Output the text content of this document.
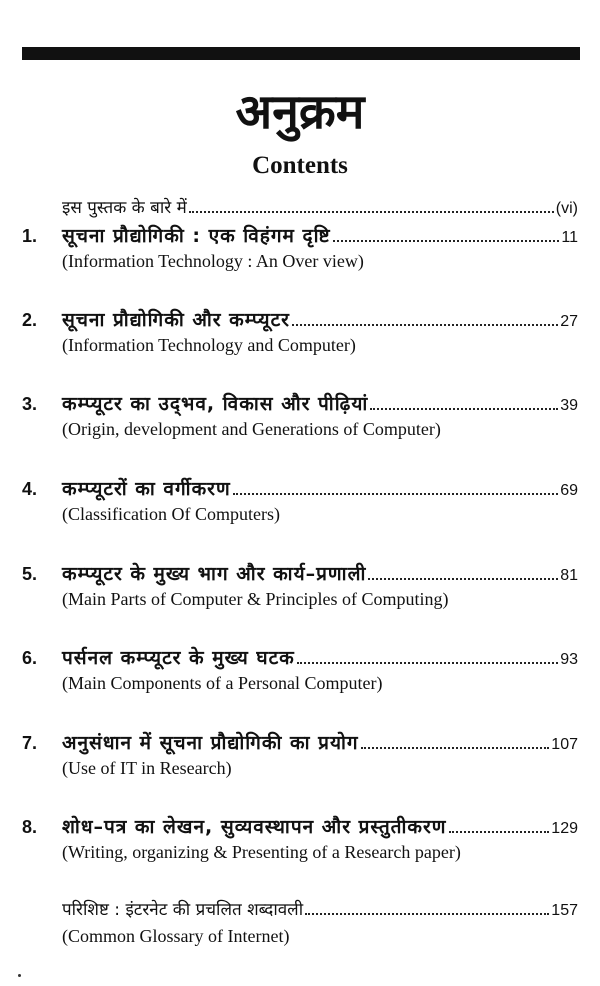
अनुक्रम
Contents
इस पुस्तक के बारे में	(vi)
1.	सूचना प्रौद्योगिकी : एक विहंगम दृष्टि	11
(Information Technology : An Over view)
2.	सूचना प्रौद्योगिकी और कम्प्यूटर	27
(Information Technology and Computer)
3.	कम्प्यूटर का उद्‌भव, विकास और पीढ़ियां	39
(Origin, development and Generations of Computer)
4.	कम्प्यूटरों का वर्गीकरण	69
(Classification Of Computers)
5.	कम्प्यूटर के मुख्य भाग और कार्य–प्रणाली	81
(Main Parts of Computer & Principles of Computing)
6.	पर्सनल कम्प्यूटर के मुख्य घटक	93
(Main Components of a Personal Computer)
7.	अनुसंधान में सूचना प्रौद्योगिकी का प्रयोग	107
(Use of IT in Research)
8.	शोध–पत्र का लेखन, सुव्यवस्थापन और प्रस्तुतीकरण	129
(Writing, organizing & Presenting of a Research paper)
परिशिष्ट : इंटरनेट की प्रचलित शब्दावली	157
(Common Glossary of Internet)
